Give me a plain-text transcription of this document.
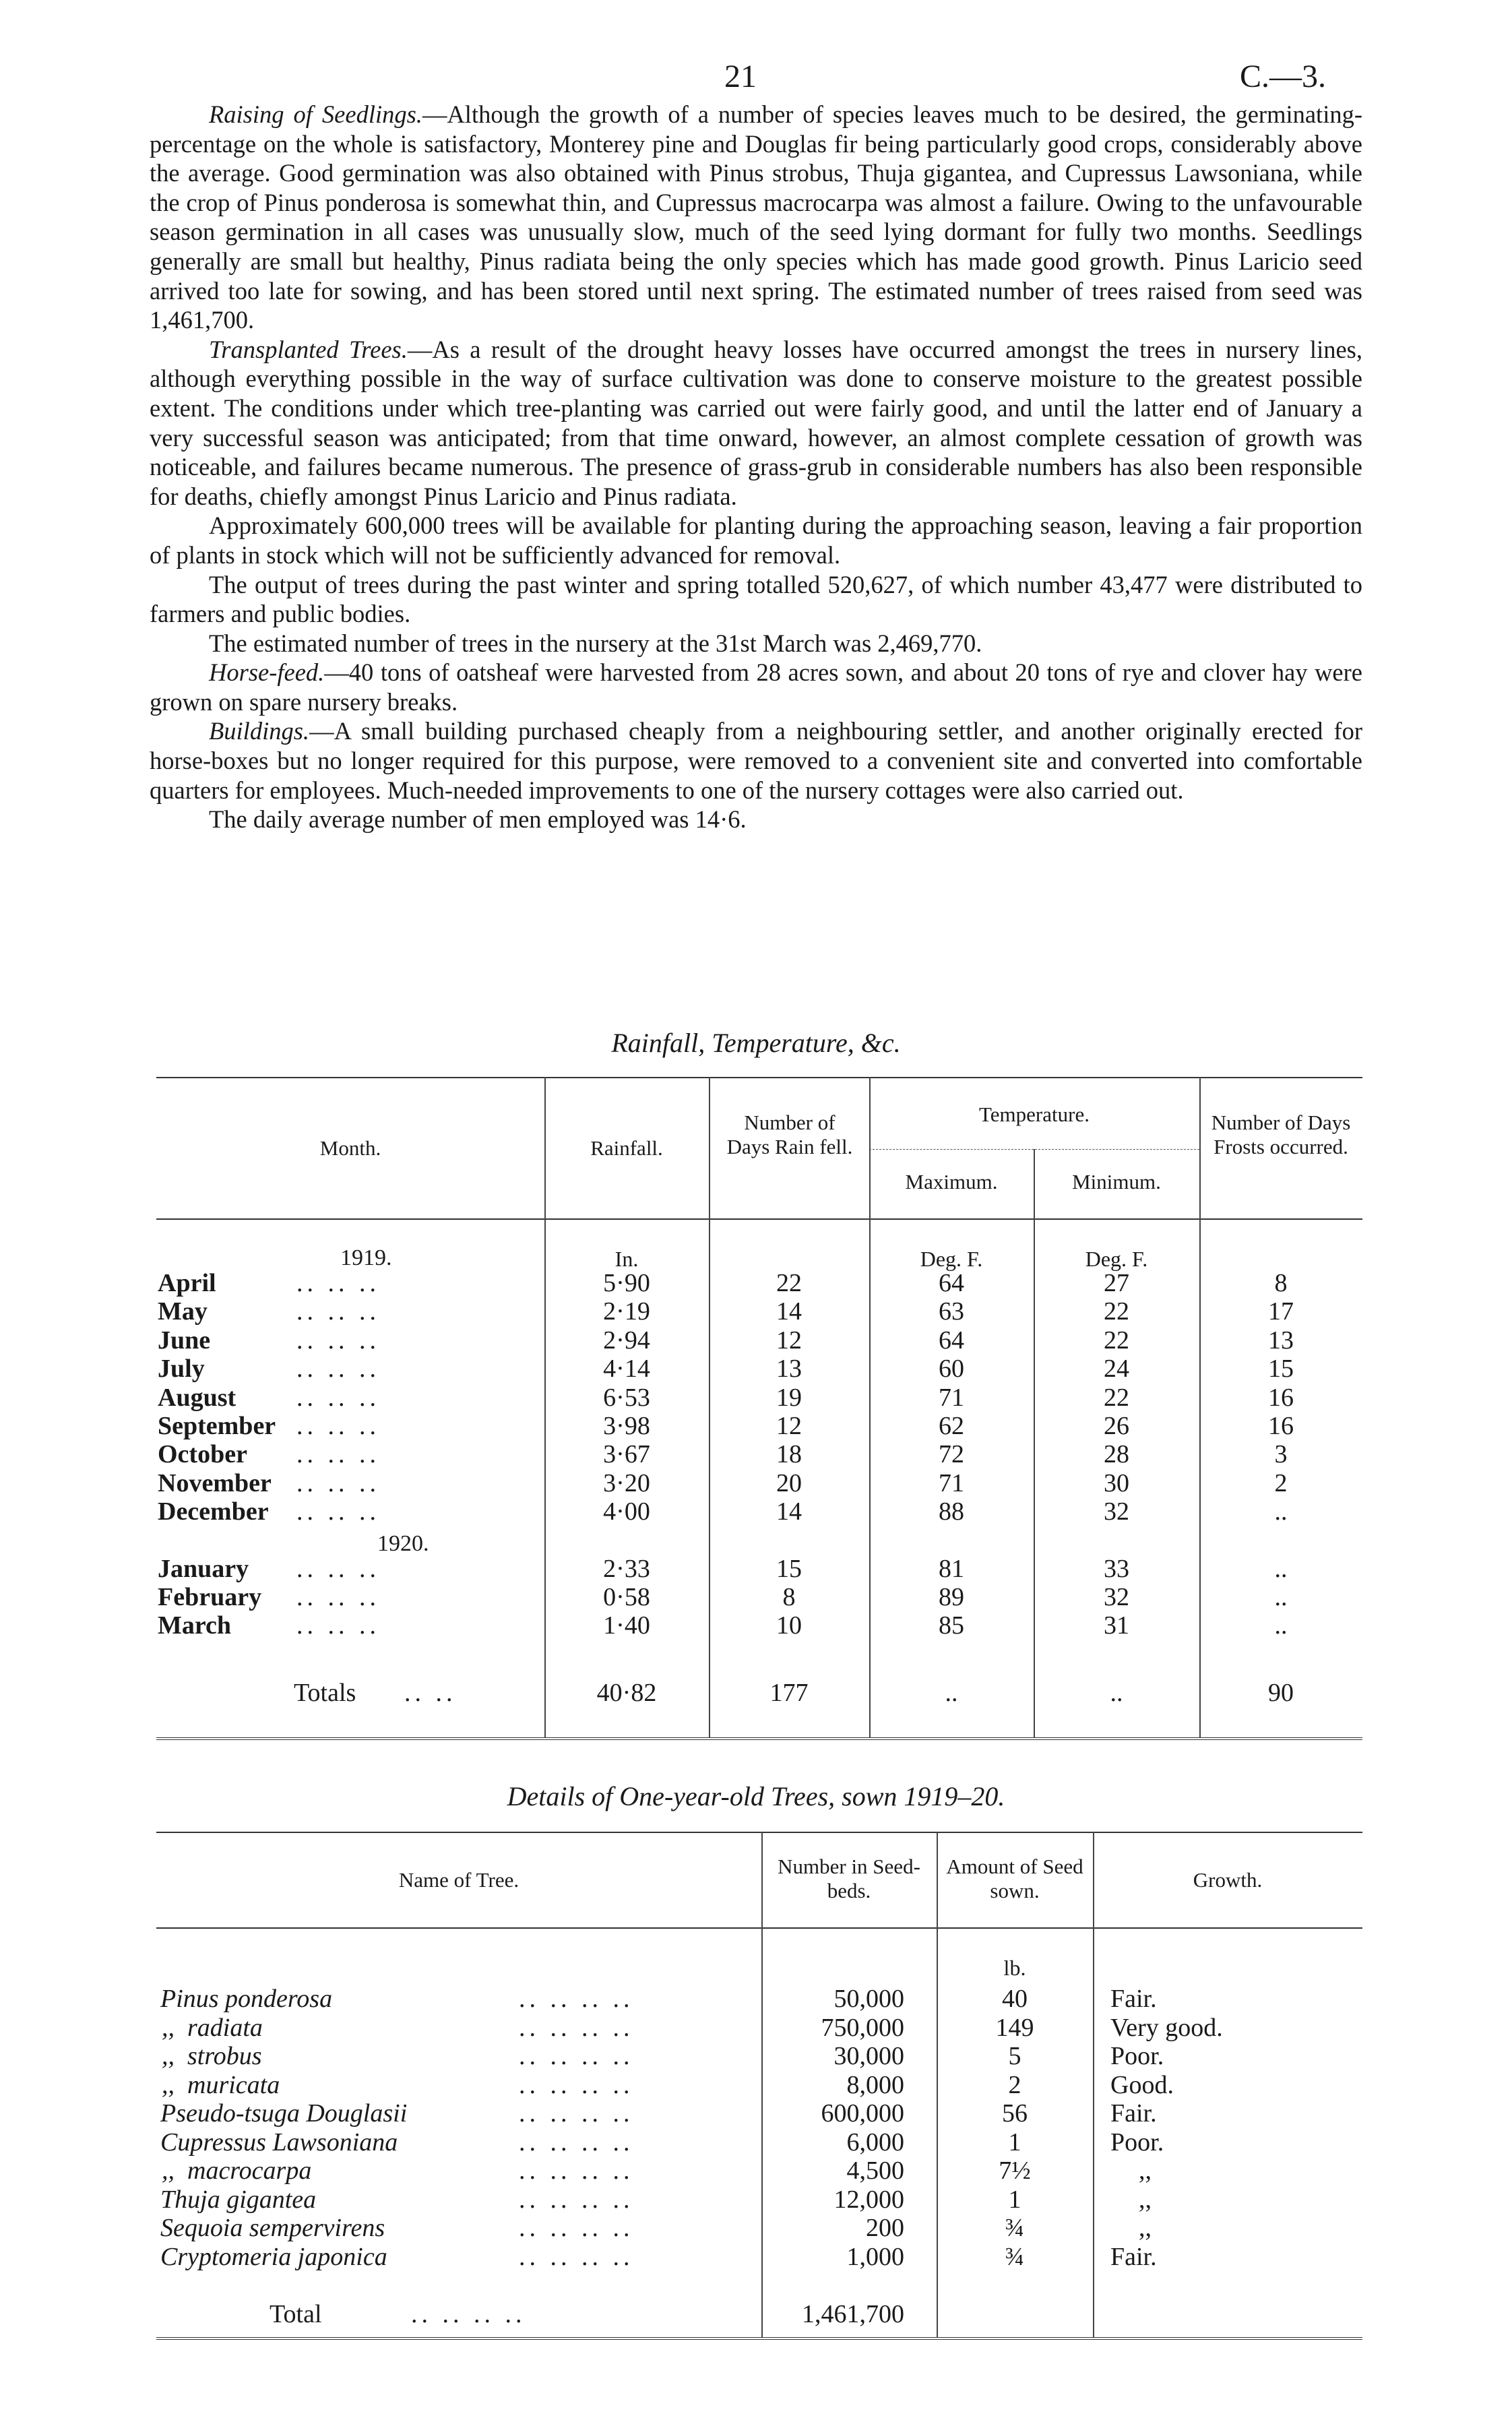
21	C.—3.

Raising of Seedlings.—Although the growth of a number of species leaves much to be desired, the germinating-percentage on the whole is satisfactory, Monterey pine and Douglas fir being particularly good crops, considerably above the average. Good germination was also obtained with Pinus strobus, Thuja gigantea, and Cupressus Lawsoniana, while the crop of Pinus ponderosa is somewhat thin, and Cupressus macrocarpa was almost a failure. Owing to the unfavourable season germination in all cases was unusually slow, much of the seed lying dormant for fully two months. Seedlings generally are small but healthy, Pinus radiata being the only species which has made good growth. Pinus Laricio seed arrived too late for sowing, and has been stored until next spring. The estimated number of trees raised from seed was 1,461,700.

Transplanted Trees.—As a result of the drought heavy losses have occurred amongst the trees in nursery lines, although everything possible in the way of surface cultivation was done to conserve moisture to the greatest possible extent. The conditions under which tree-planting was carried out were fairly good, and until the latter end of January a very successful season was anticipated; from that time onward, however, an almost complete cessation of growth was noticeable, and failures became numerous. The presence of grass-grub in considerable numbers has also been responsible for deaths, chiefly amongst Pinus Laricio and Pinus radiata.

Approximately 600,000 trees will be available for planting during the approaching season, leaving a fair proportion of plants in stock which will not be sufficiently advanced for removal.

The output of trees during the past winter and spring totalled 520,627, of which number 43,477 were distributed to farmers and public bodies.

The estimated number of trees in the nursery at the 31st March was 2,469,770.

Horse-feed.—40 tons of oatsheaf were harvested from 28 acres sown, and about 20 tons of rye and clover hay were grown on spare nursery breaks.

Buildings.—A small building purchased cheaply from a neighbouring settler, and another originally erected for horse-boxes but no longer required for this purpose, were removed to a convenient site and converted into comfortable quarters for employees. Much-needed improvements to one of the nursery cottages were also carried out.

The daily average number of men employed was 14·6.

Rainfall, Temperature, &c.
Month.	Rainfall.
Number of Days Rain fell.
Temperature.
Maximum.	Minimum.
Number of Days Frosts occurred.
1919.	In.	Deg. F.	Deg. F.
1920.
April	.. .. ..	5·90	22	64	27	8
May	.. .. ..	2·19	14	63	22	17
June	.. .. ..	2·94	12	64	22	13
July	.. .. ..	4·14	13	60	24	15
August .. .. ..	6·53	19	71	22	16
September .. .. ..	3·98	12	62	26	16
October .. .. ..	3·67	18	72	28	3
November .. .. ..	3·20	20	71	30	2
December .. .. ..	4·00	14	88	32	..
January .. .. ..	2·33	15	81	33	..
February .. .. ..	0·58	8	89	32	..
March	.. .. ..	1·40	10	85	31	..
Totals .. ..	40·82	177	..	..	90
Details of One-year-old Trees, sown 1919–20.
Name of Tree.
Number in Seed-beds.
Amount of Seed sown.	Growth.
lb.
Pinus ponderosa	.. .. .. ..	50,000	40	Fair.
,,  radiata	.. .. .. ..	750,000	149	Very good.
,,  strobus	.. .. .. ..	30,000	5	Poor.
,,  muricata	.. .. .. ..	8,000	2	Good.
Pseudo-tsuga Douglasii	.. .. .. ..	600,000	56	Fair.
Cupressus Lawsoniana	.. .. .. ..	6,000	1	Poor.
,,  macrocarpa	.. .. .. ..	4,500	7½	,,
Thuja gigantea	.. .. .. ..	12,000	1	,,
Sequoia sempervirens	.. .. .. ..	200	¾	,,
Cryptomeria japonica	.. .. .. ..	1,000	¾	Fair.
Total	.. .. .. ..	1,461,700
